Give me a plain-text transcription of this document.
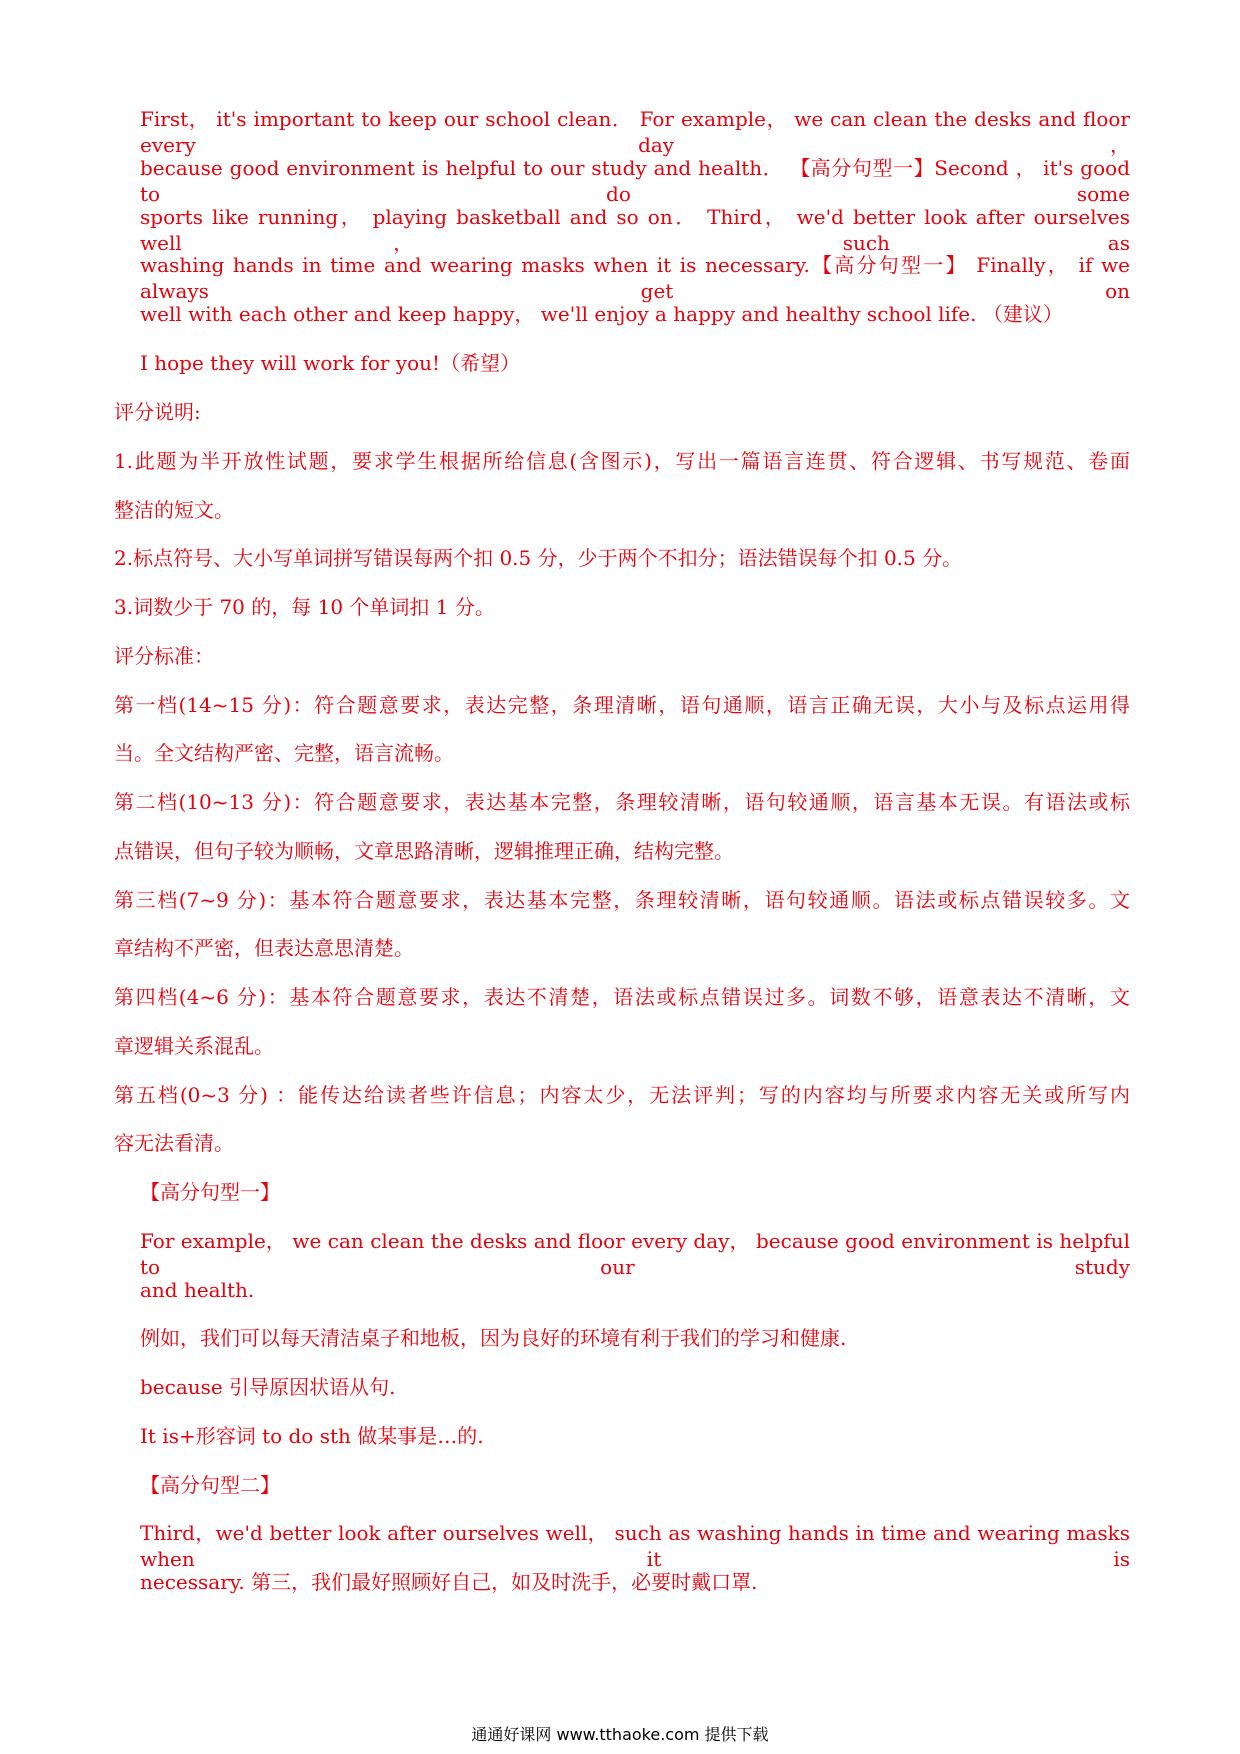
First， it's important to keep our school clean． For example， we can clean the desks and floor every day，
because good environment is helpful to our study and health． 【高分句型一】Second ， it's good to do some
sports like running， playing basketball and so on． Third， we'd better look after ourselves well， such as
washing hands in time and wearing masks when it is necessary.【高分句型一】 Finally， if we always get on
well with each other and keep happy， we'll enjoy a happy and healthy school life. （建议）
I hope they will work for you!（希望）
评分说明:
1.此题为半开放性试题，要求学生根据所给信息(含图示)，写出一篇语言连贯、符合逻辑、书写规范、卷面
整洁的短文。
2.标点符号、大小写单词拼写错误每两个扣 0.5 分，少于两个不扣分；语法错误每个扣 0.5 分。
3.词数少于 70 的，每 10 个单词扣 1 分。
评分标准：
第一档(14~15 分)：符合题意要求，表达完整，条理清晰，语句通顺，语言正确无误，大小与及标点运用得
当。全文结构严密、完整，语言流畅。
第二档(10~13 分)：符合题意要求，表达基本完整，条理较清晰，语句较通顺，语言基本无误。有语法或标
点错误，但句子较为顺畅，文章思路清晰，逻辑推理正确，结构完整。
第三档(7~9 分)：基本符合题意要求，表达基本完整，条理较清晰，语句较通顺。语法或标点错误较多。文
章结构不严密，但表达意思清楚。
第四档(4~6 分)：基本符合题意要求，表达不清楚，语法或标点错误过多。词数不够，语意表达不清晰，文
章逻辑关系混乱。
第五档(0~3 分) ：能传达给读者些许信息；内容太少，无法评判；写的内容均与所要求内容无关或所写内
容无法看清。
【高分句型一】
For example， we can clean the desks and floor every day， because good environment is helpful to our study
and health.
例如，我们可以每天清洁桌子和地板，因为良好的环境有利于我们的学习和健康.
because 引导原因状语从句.
It is+形容词 to do sth 做某事是…的.
【高分句型二】
Third，we'd better look after ourselves well， such as washing hands in time and wearing masks when it is
necessary. 第三，我们最好照顾好自己，如及时洗手，必要时戴口罩.
通通好课网 www.tthaoke.com 提供下载
